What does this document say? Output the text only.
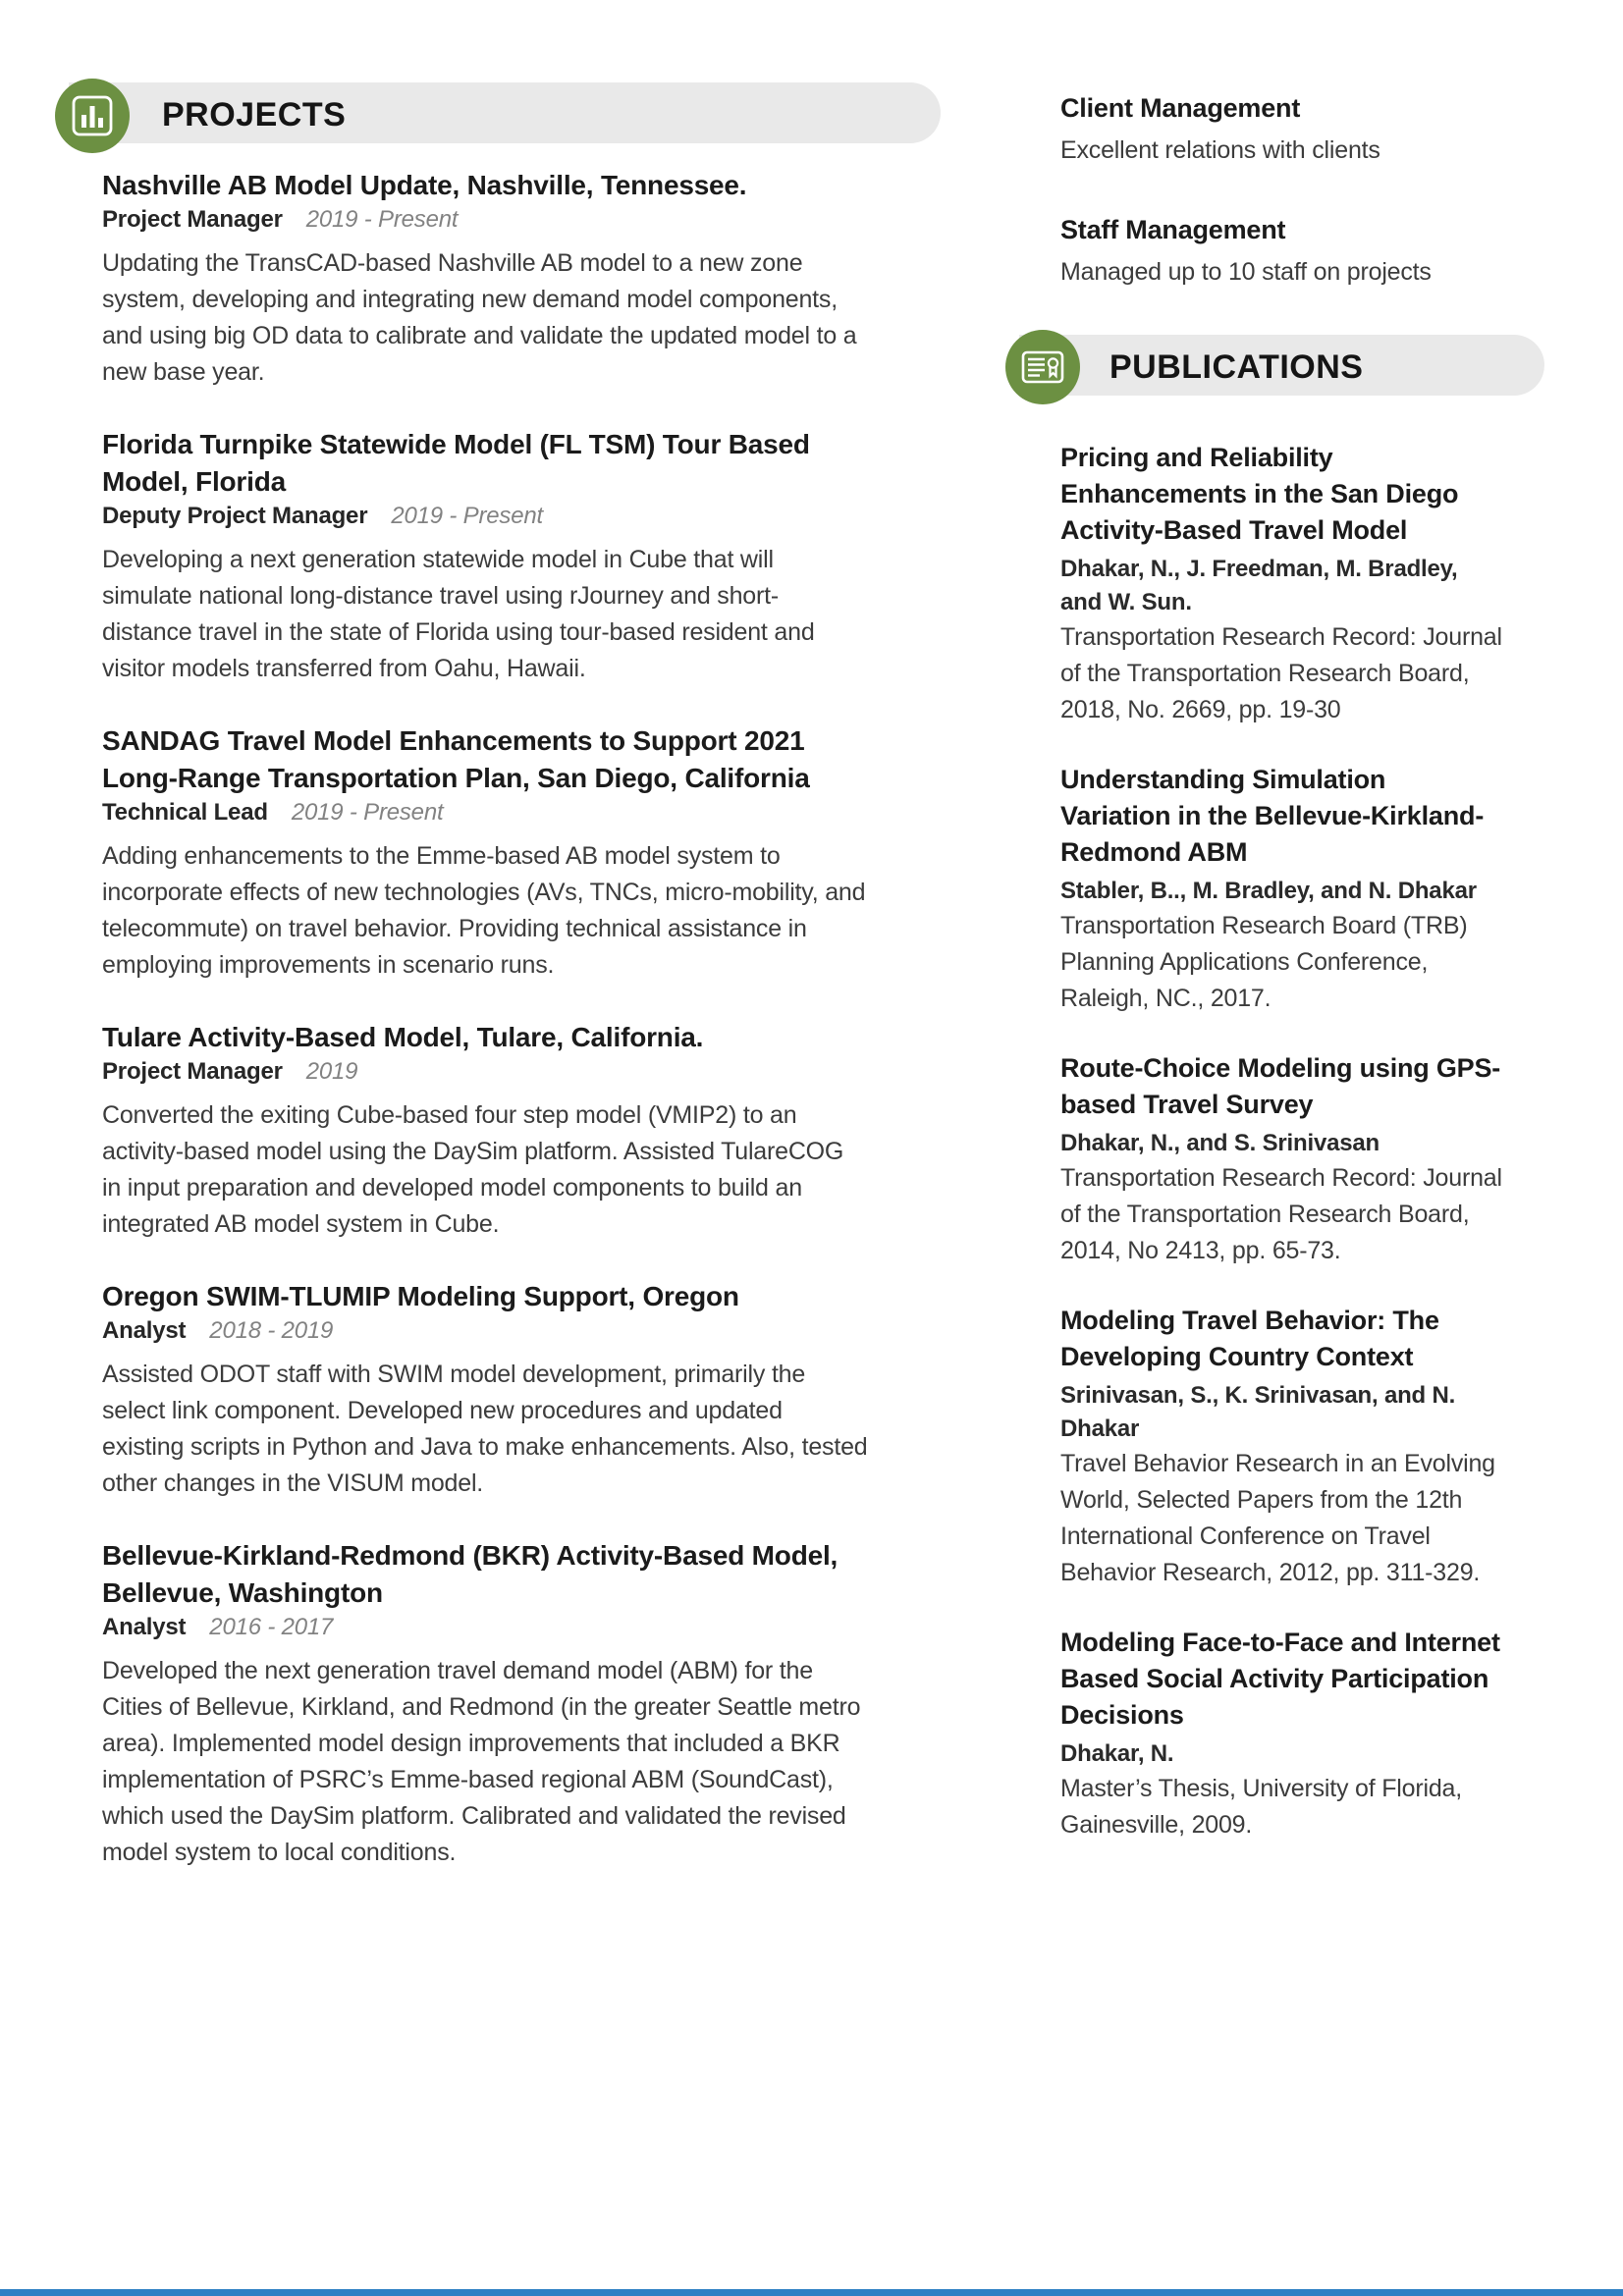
PROJECTS
Nashville AB Model Update, Nashville, Tennessee.
Project Manager 2019 - Present
Updating the TransCAD-based Nashville AB model to a new zone system, developing and integrating new demand model components, and using big OD data to calibrate and validate the updated model to a new base year.
Florida Turnpike Statewide Model (FL TSM) Tour Based Model, Florida
Deputy Project Manager 2019 - Present
Developing a next generation statewide model in Cube that will simulate national long-distance travel using rJourney and short-distance travel in the state of Florida using tour-based resident and visitor models transferred from Oahu, Hawaii.
SANDAG Travel Model Enhancements to Support 2021 Long-Range Transportation Plan, San Diego, California
Technical Lead 2019 - Present
Adding enhancements to the Emme-based AB model system to incorporate effects of new technologies (AVs, TNCs, micro-mobility, and telecommute) on travel behavior. Providing technical assistance in employing improvements in scenario runs.
Tulare Activity-Based Model, Tulare, California.
Project Manager 2019
Converted the exiting Cube-based four step model (VMIP2) to an activity-based model using the DaySim platform. Assisted TulareCOG in input preparation and developed model components to build an integrated AB model system in Cube.
Oregon SWIM-TLUMIP Modeling Support, Oregon
Analyst 2018 - 2019
Assisted ODOT staff with SWIM model development, primarily the select link component. Developed new procedures and updated existing scripts in Python and Java to make enhancements. Also, tested other changes in the VISUM model.
Bellevue-Kirkland-Redmond (BKR) Activity-Based Model, Bellevue, Washington
Analyst 2016 - 2017
Developed the next generation travel demand model (ABM) for the Cities of Bellevue, Kirkland, and Redmond (in the greater Seattle metro area). Implemented model design improvements that included a BKR implementation of PSRC’s Emme-based regional ABM (SoundCast), which used the DaySim platform. Calibrated and validated the revised model system to local conditions.
Client Management
Excellent relations with clients
Staff Management
Managed up to 10 staff on projects
PUBLICATIONS
Pricing and Reliability Enhancements in the San Diego Activity-Based Travel Model
Dhakar, N., J. Freedman, M. Bradley, and W. Sun.
Transportation Research Record: Journal of the Transportation Research Board, 2018, No. 2669, pp. 19-30
Understanding Simulation Variation in the Bellevue-Kirkland-Redmond ABM
Stabler, B.., M. Bradley, and N. Dhakar
Transportation Research Board (TRB) Planning Applications Conference, Raleigh, NC., 2017.
Route-Choice Modeling using GPS-based Travel Survey
Dhakar, N., and S. Srinivasan
Transportation Research Record: Journal of the Transportation Research Board, 2014, No 2413, pp. 65-73.
Modeling Travel Behavior: The Developing Country Context
Srinivasan, S., K. Srinivasan, and N. Dhakar
Travel Behavior Research in an Evolving World, Selected Papers from the 12th International Conference on Travel Behavior Research, 2012, pp. 311-329.
Modeling Face-to-Face and Internet Based Social Activity Participation Decisions
Dhakar, N.
Master’s Thesis, University of Florida, Gainesville, 2009.
